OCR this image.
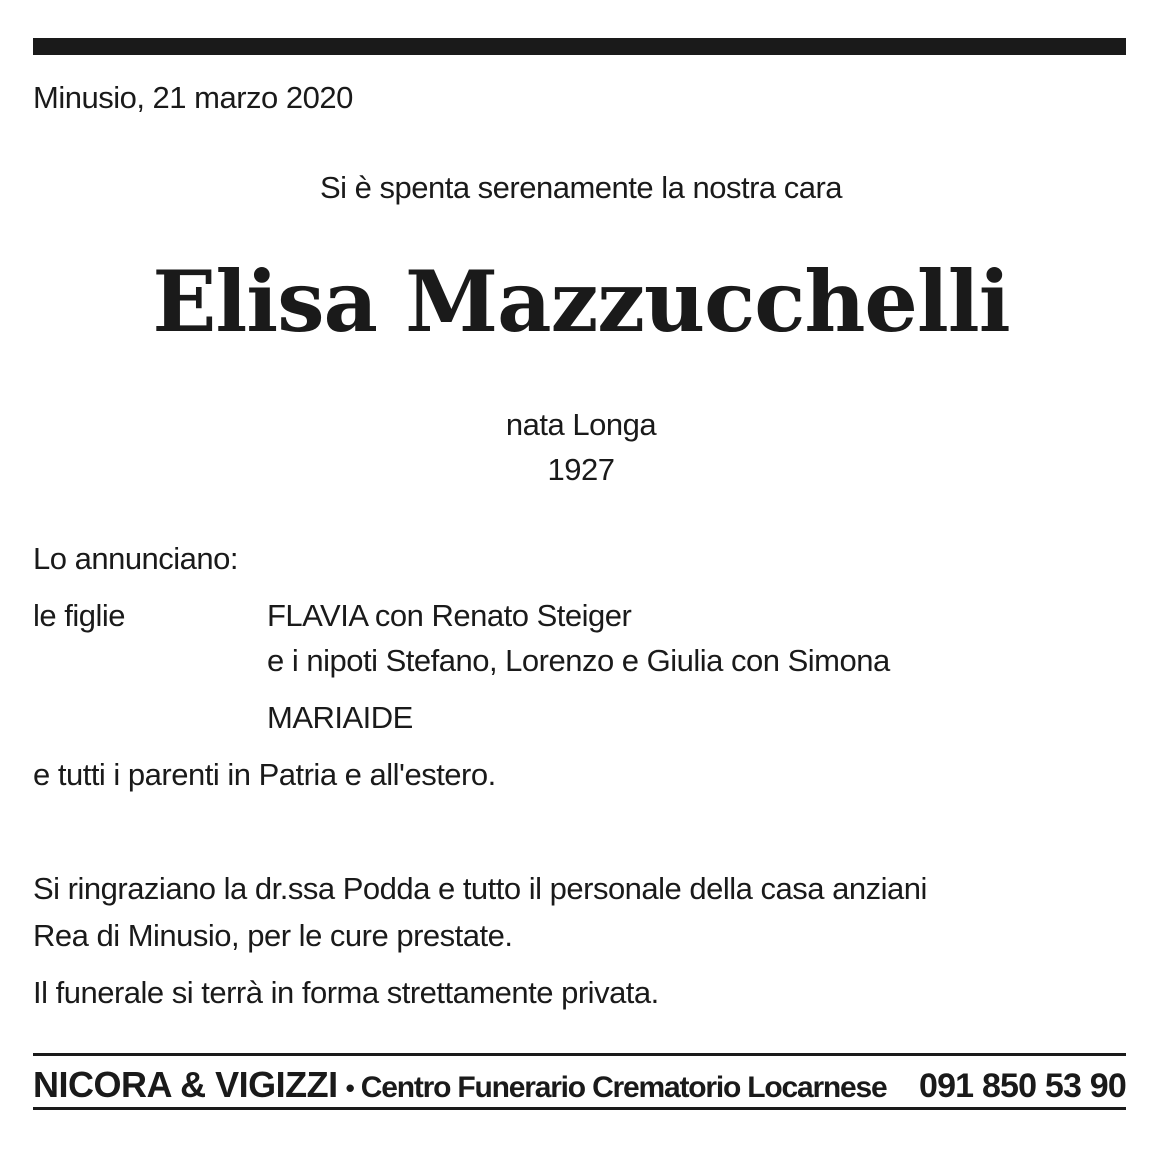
Minusio, 21 marzo 2020
Si è spenta serenamente la nostra cara
Elisa Mazzucchelli
nata Longa
1927
Lo annunciano:
le figlie	FLAVIA con Renato Steiger
e i nipoti Stefano, Lorenzo e Giulia con Simona
MARIAIDE
e tutti i parenti in Patria e all'estero.
Si ringraziano la dr.ssa Podda e tutto il personale della casa anziani
Rea di Minusio, per le cure prestate.
Il funerale si terrà in forma strettamente privata.
NICORA & VIGIZZI • Centro Funerario Crematorio Locarnese 091 850 53 90
